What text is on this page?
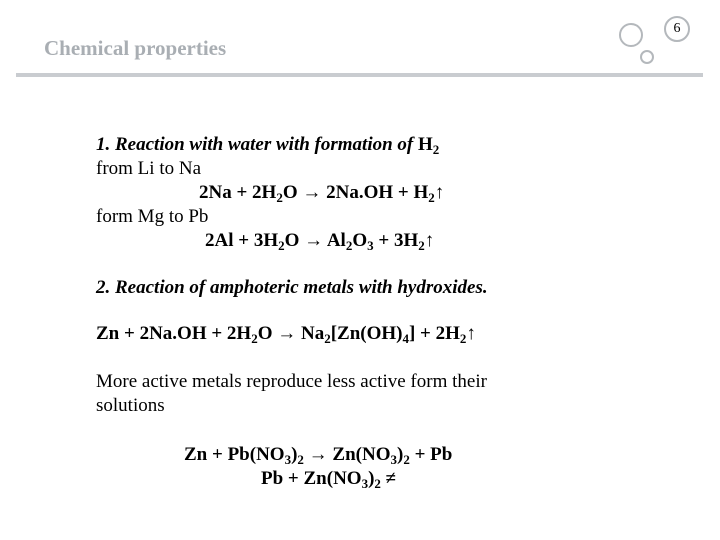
Chemical properties
6
1. Reaction with water with formation of $H_2$
from Li to Na
$2Na + 2H_2O \to 2Na.OH$ + $H_2↑$
form Mg to Pb
$2Al + 3H_2O \to Al_2O_3$ + $3H_2↑$
2. Reaction of amphoteric metals with hydroxides.
$Zn + 2Na.OH + 2H_2O \to Na_2[Zn(OH)_4]$ + $2H_2↑$
More active metals reproduce less active form their
solutions
$Zn + Pb(NO_3)_2 \to Zn(NO_3)_2 + Pb$
$Pb + Zn(NO_3)_2$ ≠
